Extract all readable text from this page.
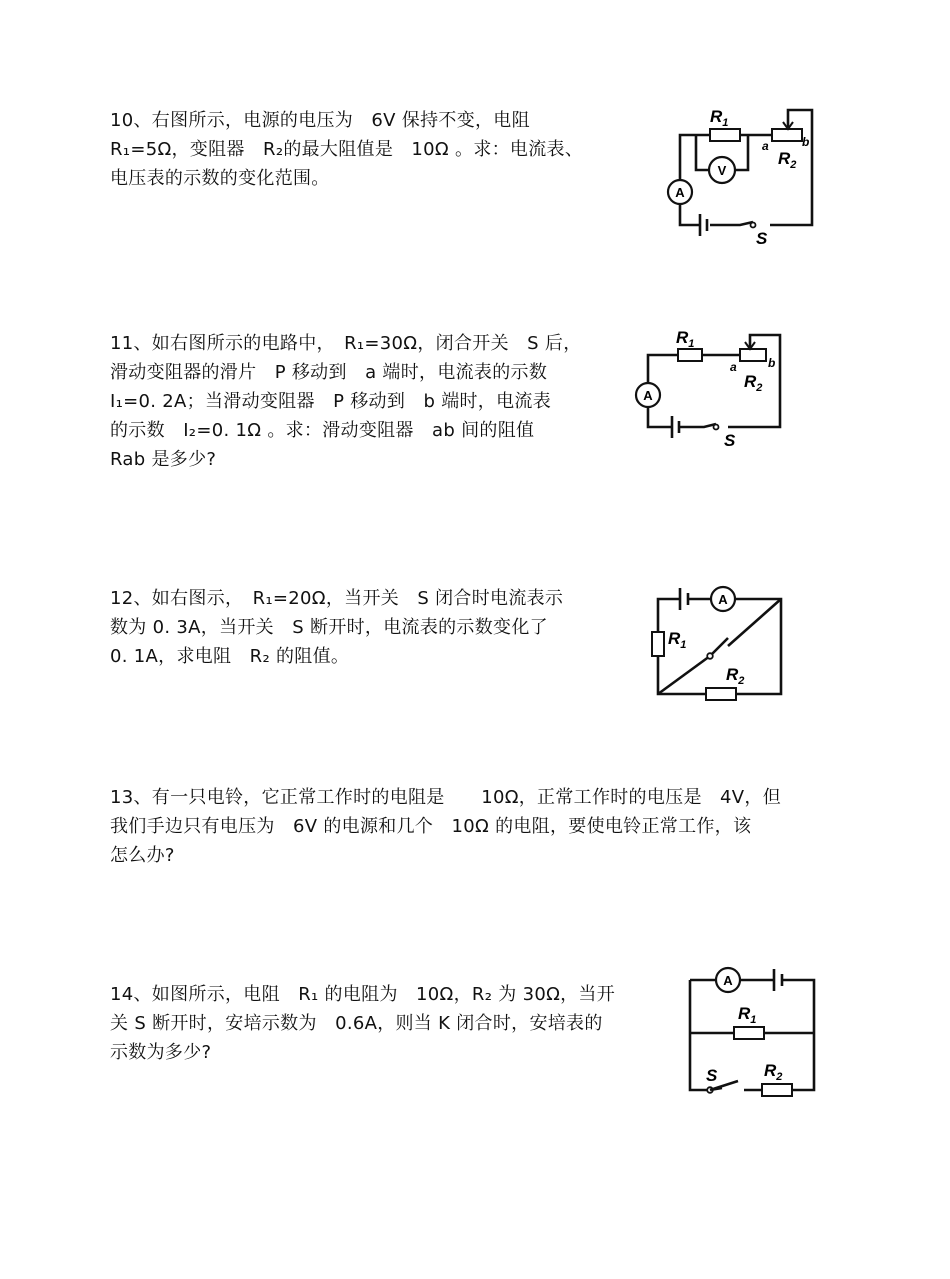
10、右图所示，电源的电压为　6V 保持不变，电阻
R₁=5Ω，变阻器　R₂的最大阻值是　10Ω 。求：电流表、
电压表的示数的变化范围。
$R_1$
a	b
$R_2$
V
A
S
11、如右图所示的电路中，　R₁=30Ω，闭合开关　S 后，
滑动变阻器的滑片　P 移动到　a 端时，电流表的示数
I₁=0. 2A；当滑动变阻器　P 移动到　b 端时，电流表
的示数　I₂=0. 1Ω 。求：滑动变阻器　ab 间的阻值
Rab 是多少?
$R_1$
a	b
$R_2$
A
S
12、如右图示，　R₁=20Ω，当开关　S 闭合时电流表示
数为 0. 3A，当开关　S 断开时，电流表的示数变化了
0. 1A，求电阻　R₂ 的阻值。
A
$R_1$
$R_2$
13、有一只电铃，它正常工作时的电阻是　　10Ω，正常工作时的电压是　4V，但
我们手边只有电压为　6V 的电源和几个　10Ω 的电阻，要使电铃正常工作，该
怎么办?
14、如图所示，电阻　R₁ 的电阻为　10Ω，R₂ 为 30Ω，当开
关 S 断开时，安培示数为　0.6A，则当 K 闭合时，安培表的
示数为多少?
$R_1$
A
S	$R_2$
